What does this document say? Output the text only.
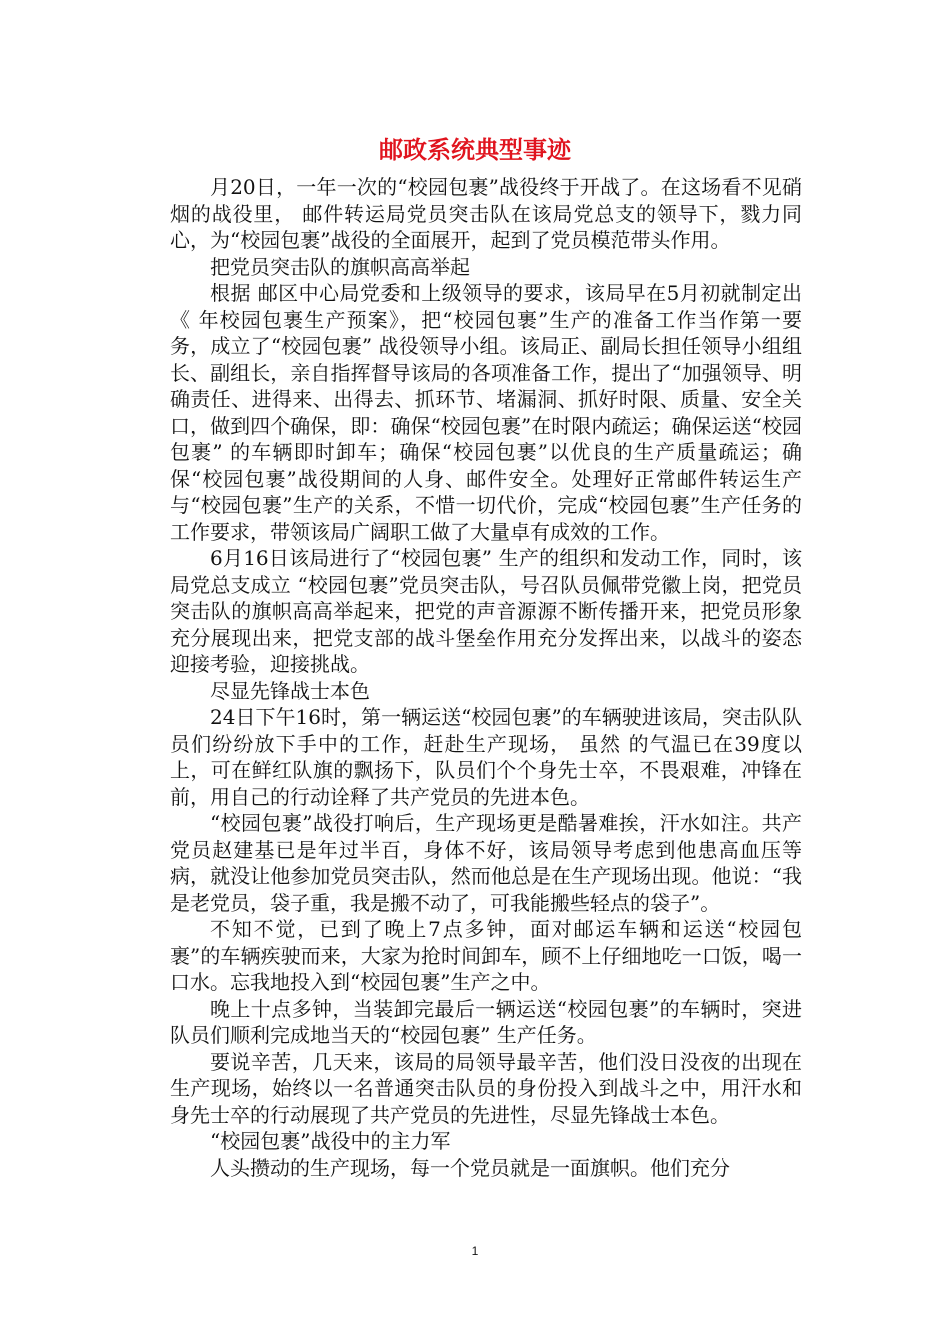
邮政系统典型事迹

月20日，一年一次的“校园包裹”战役终于开战了。在这场看不见硝烟的战役里， 邮件转运局党员突击队在该局党总支的领导下，戮力同心，为“校园包裹”战役的全面展开，起到了党员模范带头作用。

把党员突击队的旗帜高高举起

根据 邮区中心局党委和上级领导的要求，该局早在5月初就制定出《 年校园包裹生产预案》，把“校园包裹”生产的准备工作当作第一要务，成立了“校园包裹” 战役领导小组。该局正、副局长担任领导小组组长、副组长，亲自指挥督导该局的各项准备工作，提出了“加强领导、明确责任、进得来、出得去、抓环节、堵漏洞、抓好时限、质量、安全关口，做到四个确保，即：确保“校园包裹”在时限内疏运；确保运送“校园包裹” 的车辆即时卸车；确保“校园包裹”以优良的生产质量疏运；确保“校园包裹”战役期间的人身、邮件安全。处理好正常邮件转运生产与“校园包裹”生产的关系，不惜一切代价，完成“校园包裹”生产任务的工作要求，带领该局广阔职工做了大量卓有成效的工作。

6月16日该局进行了“校园包裹” 生产的组织和发动工作，同时，该局党总支成立 “校园包裹”党员突击队，号召队员佩带党徽上岗，把党员突击队的旗帜高高举起来，把党的声音源源不断传播开来，把党员形象充分展现出来，把党支部的战斗堡垒作用充分发挥出来，以战斗的姿态迎接考验，迎接挑战。

尽显先锋战士本色

24日下午16时，第一辆运送“校园包裹”的车辆驶进该局，突击队队员们纷纷放下手中的工作，赶赴生产现场， 虽然 的气温已在39度以上，可在鲜红队旗的飘扬下，队员们个个身先士卒，不畏艰难，冲锋在前，用自己的行动诠释了共产党员的先进本色。

“校园包裹”战役打响后，生产现场更是酷暑难挨，汗水如注。共产党员赵建基已是年过半百，身体不好，该局领导考虑到他患高血压等病，就没让他参加党员突击队，然而他总是在生产现场出现。他说：“我是老党员，袋子重，我是搬不动了，可我能搬些轻点的袋子”。

不知不觉，已到了晚上7点多钟，面对邮运车辆和运送“校园包裹”的车辆疾驶而来，大家为抢时间卸车，顾不上仔细地吃一口饭，喝一口水。忘我地投入到“校园包裹”生产之中。

晚上十点多钟，当装卸完最后一辆运送“校园包裹”的车辆时，突进队员们顺利完成地当天的“校园包裹” 生产任务。

要说辛苦，几天来，该局的局领导最辛苦，他们没日没夜的出现在生产现场，始终以一名普通突击队员的身份投入到战斗之中，用汗水和身先士卒的行动展现了共产党员的先进性，尽显先锋战士本色。

“校园包裹”战役中的主力军

人头攒动的生产现场，每一个党员就是一面旗帜。他们充分

1
